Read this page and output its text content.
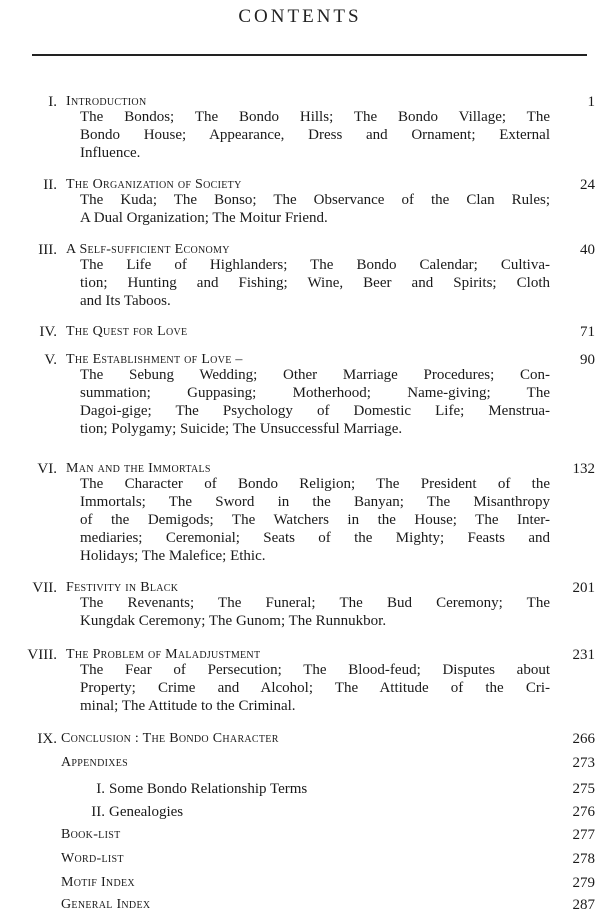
CONTENTS
I. Introduction	1
The Bondos; The Bondo Hills; The Bondo Village; The
Bondo House; Appearance, Dress and Ornament; External
Influence.
II. The Organization of Society	24
The Kuda; The Bonso; The Observance of the Clan Rules;
A Dual Organization; The Moitur Friend.
III. A Self-sufficient Economy	40
The Life of Highlanders; The Bondo Calendar; Cultiva-
tion; Hunting and Fishing; Wine, Beer and Spirits; Cloth
and Its Taboos.
IV. The Quest for Love	71
V. The Establishment of Love –	90
The Sebung Wedding; Other Marriage Procedures; Con-
summation; Guppasing; Motherhood; Name-giving; The
Dagoi-gige; The Psychology of Domestic Life; Menstrua-
tion; Polygamy; Suicide; The Unsuccessful Marriage.
VI. Man and the Immortals	132
The Character of Bondo Religion; The President of the
Immortals; The Sword in the Banyan; The Misanthropy
of the Demigods; The Watchers in the House; The Inter-
mediaries; Ceremonial; Seats of the Mighty; Feasts and
Holidays; The Malefice; Ethic.
VII. Festivity in Black	201
The Revenants; The Funeral; The Bud Ceremony; The
Kungdak Ceremony; The Gunom; The Runnukbor.
VIII. The Problem of Maladjustment	231
The Fear of Persecution; The Blood-feud; Disputes about
Property; Crime and Alcohol; The Attitude of the Cri-
minal; The Attitude to the Criminal.
IX. Conclusion : The Bondo Character	266
Appendixes	273
I. Some Bondo Relationship Terms	275
II. Genealogies	276
Book-list	277
Word-list	278
Motif Index	279
General Index	287
